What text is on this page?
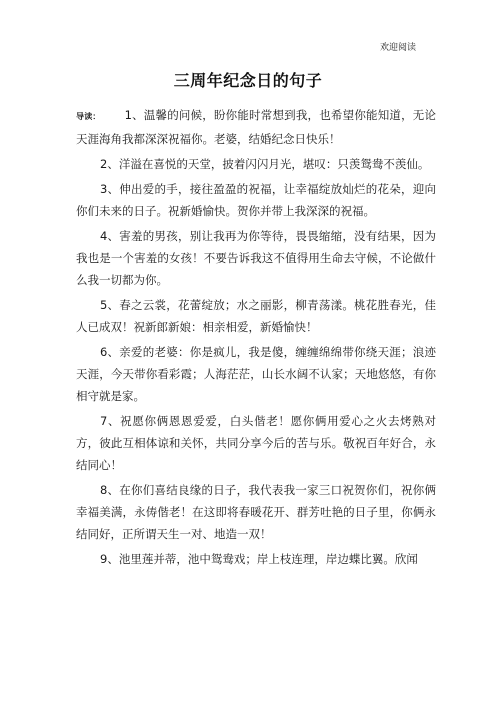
欢迎阅读
三周年纪念日的句子

导读： 1、温馨的问候，盼你能时常想到我，也希望你能知道，无论天涯海角我都深深祝福你。老婆，结婚纪念日快乐！

2、洋溢在喜悦的天堂，披着闪闪月光，堪叹：只羡鸳鸯不羡仙。

3、伸出爱的手，接往盈盈的祝福，让幸福绽放灿烂的花朵，迎向你们未来的日子。祝新婚愉快。贺你并带上我深深的祝福。

4、害羞的男孩，别让我再为你等待，畏畏缩缩，没有结果，因为我也是一个害羞的女孩！不要告诉我这不值得用生命去守候，不论做什么我一切都为你。

5、春之云裳，花蕾绽放；水之丽影，柳青荡漾。桃花胜春光，佳人已成双！祝新郎新娘：相亲相爱，新婚愉快！

6、亲爱的老婆：你是疯儿，我是傻，缠缠绵绵带你绕天涯；浪迹天涯，今天带你看彩霞；人海茫茫，山长水阔不认家；天地悠悠，有你相守就是家。

7、祝愿你俩恩恩爱爱，白头偕老！愿你俩用爱心之火去烤熟对方，彼此互相体谅和关怀，共同分享今后的苦与乐。敬祝百年好合，永结同心！

8、在你们喜结良缘的日子，我代表我一家三口祝贺你们，祝你俩幸福美满，永俦偕老！在这即将春暖花开、群芳吐艳的日子里，你俩永结同好，正所谓天生一对、地造一双！

9、池里莲并蒂，池中鸳鸯戏；岸上枝连理，岸边蝶比翼。欣闻
